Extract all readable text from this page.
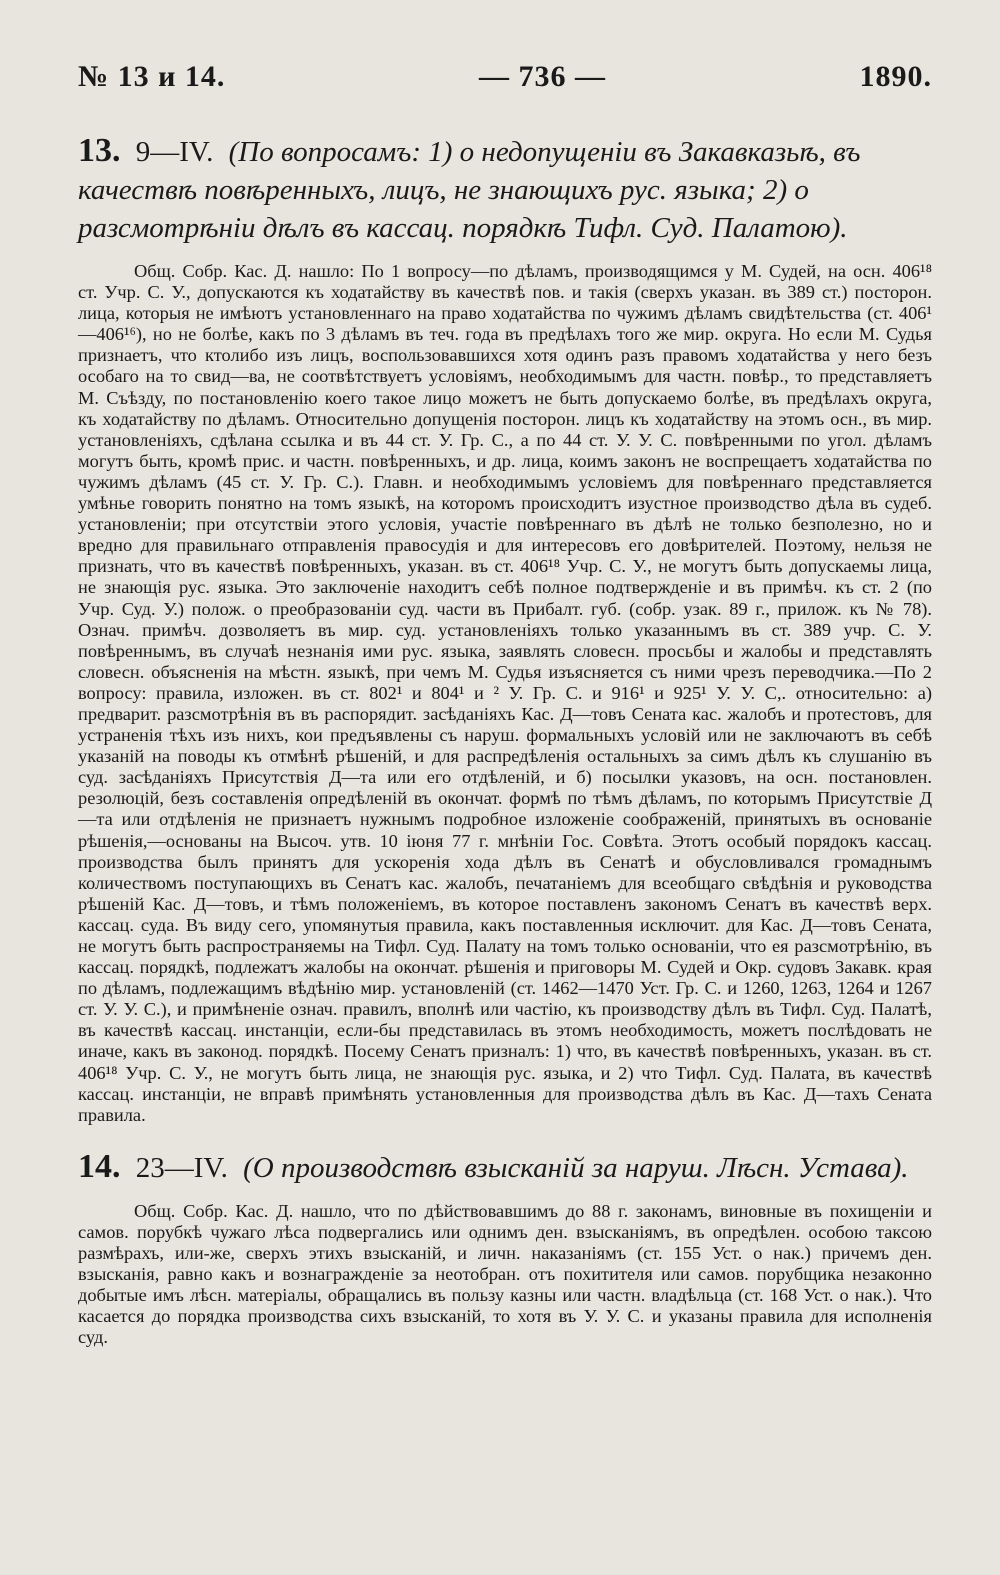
№ 13 и 14.	— 736 —	1890.
13. 9—IV. (По вопросамъ: 1) о недопущеніи въ Закавказьѣ, въ качествѣ повѣренныхъ, лицъ, не знающихъ рус. языка; 2) о разсмотрѣніи дѣлъ въ кассац. порядкѣ Тифл. Суд. Палатою).

Общ. Собр. Кас. Д. нашло: По 1 вопросу—по дѣламъ, производящимся у М. Судей, на осн. 406¹⁸ ст. Учр. С. У., допускаются къ ходатайству въ качествѣ пов. и такія (сверхъ указан. въ 389 ст.) посторон. лица, которыя не имѣютъ установленнаго на право ходатайства по чужимъ дѣламъ свидѣтельства (ст. 406¹—406¹⁶), но не болѣе, какъ по 3 дѣламъ въ теч. года въ предѣлахъ того же мир. округа. Но если М. Судья признаетъ, что ктолибо изъ лицъ, воспользовавшихся хотя одинъ разъ правомъ ходатайства у него безъ особаго на то свид—ва, не соотвѣтствуетъ условіямъ, необходимымъ для частн. повѣр., то представляетъ М. Съѣзду, по постановленію коего такое лицо можетъ не быть допускаемо болѣе, въ предѣлахъ округа, къ ходатайству по дѣламъ. Относительно допущенія посторон. лицъ къ ходатайству на этомъ осн., въ мир. установленіяхъ, сдѣлана ссылка и въ 44 ст. У. Гр. С., а по 44 ст. У. У. С. повѣренными по угол. дѣламъ могутъ быть, кромѣ прис. и частн. повѣренныхъ, и др. лица, коимъ законъ не воспрещаетъ ходатайства по чужимъ дѣламъ (45 ст. У. Гр. С.). Главн. и необходимымъ условіемъ для повѣреннаго представляется умѣнье говорить понятно на томъ языкѣ, на которомъ происходитъ изустное производство дѣла въ судеб. установленіи; при отсутствіи этого условія, участіе повѣреннаго въ дѣлѣ не только безполезно, но и вредно для правильнаго отправленія правосудія и для интересовъ его довѣрителей. Поэтому, нельзя не признать, что въ качествѣ повѣренныхъ, указан. въ ст. 406¹⁸ Учр. С. У., не могутъ быть допускаемы лица, не знающія рус. языка. Это заключеніе находитъ себѣ полное подтвержденіе и въ примѣч. къ ст. 2 (по Учр. Суд. У.) полож. о преобразованіи суд. части въ Прибалт. губ. (собр. узак. 89 г., прилож. къ № 78). Означ. примѣч. дозволяетъ въ мир. суд. установленіяхъ только указаннымъ въ ст. 389 учр. С. У. повѣреннымъ, въ случаѣ незнанія ими рус. языка, заявлять словесн. просьбы и жалобы и представлять словесн. объясненія на мѣстн. языкѣ, при чемъ М. Судья изъясняется съ ними чрезъ переводчика.—По 2 вопросу: правила, изложен. въ ст. 802¹ и 804¹ и ² У. Гр. С. и 916¹ и 925¹ У. У. С,. относительно: а) предварит. разсмотрѣнія въ въ распорядит. засѣданіяхъ Кас. Д—товъ Сената кас. жалобъ и протестовъ, для устраненія тѣхъ изъ нихъ, кои предъявлены съ наруш. формальныхъ условій или не заключаютъ въ себѣ указаній на поводы къ отмѣнѣ рѣшеній, и для распредѣленія остальныхъ за симъ дѣлъ къ слушанію въ суд. засѣданіяхъ Присутствія Д—та или его отдѣленій, и б) посылки указовъ, на осн. постановлен. резолюцій, безъ составленія опредѣленій въ окончат. формѣ по тѣмъ дѣламъ, по которымъ Присутствіе Д—та или отдѣленія не признаетъ нужнымъ подробное изложеніе соображеній, принятыхъ въ основаніе рѣшенія,—основаны на Высоч. утв. 10 іюня 77 г. мнѣніи Гос. Совѣта. Этотъ особый порядокъ кассац. производства былъ принятъ для ускоренія хода дѣлъ въ Сенатѣ и обусловливался громаднымъ количествомъ поступающихъ въ Сенатъ кас. жалобъ, печатаніемъ для всеобщаго свѣдѣнія и руководства рѣшеній Кас. Д—товъ, и тѣмъ положеніемъ, въ которое поставленъ закономъ Сенатъ въ качествѣ верх. кассац. суда. Въ виду сего, упомянутыя правила, какъ поставленныя исключит. для Кас. Д—товъ Сената, не могутъ быть распространяемы на Тифл. Суд. Палату на томъ только основаніи, что ея разсмотрѣнію, въ кассац. порядкѣ, подлежатъ жалобы на окончат. рѣшенія и приговоры М. Судей и Окр. судовъ Закавк. края по дѣламъ, подлежащимъ вѣдѣнію мир. установленій (ст. 1462—1470 Уст. Гр. С. и 1260, 1263, 1264 и 1267 ст. У. У. С.), и примѣненіе означ. правилъ, вполнѣ или частію, къ производству дѣлъ въ Тифл. Суд. Палатѣ, въ качествѣ кассац. инстанціи, если-бы представилась въ этомъ необходимость, можетъ послѣдовать не иначе, какъ въ законод. порядкѣ. Посему Сенатъ призналъ: 1) что, въ качествѣ повѣренныхъ, указан. въ ст. 406¹⁸ Учр. С. У., не могутъ быть лица, не знающія рус. языка, и 2) что Тифл. Суд. Палата, въ качествѣ кассац. инстанціи, не вправѣ примѣнять установленныя для производства дѣлъ въ Кас. Д—тахъ Сената правила.

14. 23—IV. (О производствѣ взысканій за наруш. Лѣсн. Устава).

Общ. Собр. Кас. Д. нашло, что по дѣйствовавшимъ до 88 г. законамъ, виновные въ похищеніи и самов. порубкѣ чужаго лѣса подвергались или однимъ ден. взысканіямъ, въ опредѣлен. особою таксою размѣрахъ, или-же, сверхъ этихъ взысканій, и личн. наказаніямъ (ст. 155 Уст. о нак.) причемъ ден. взысканія, равно какъ и вознагражденіе за неотобран. отъ похитителя или самов. порубщика незаконно добытые имъ лѣсн. матеріалы, обращались въ пользу казны или частн. владѣльца (ст. 168 Уст. о нак.). Что касается до порядка производства сихъ взысканій, то хотя въ У. У. С. и указаны правила для исполненія суд.
